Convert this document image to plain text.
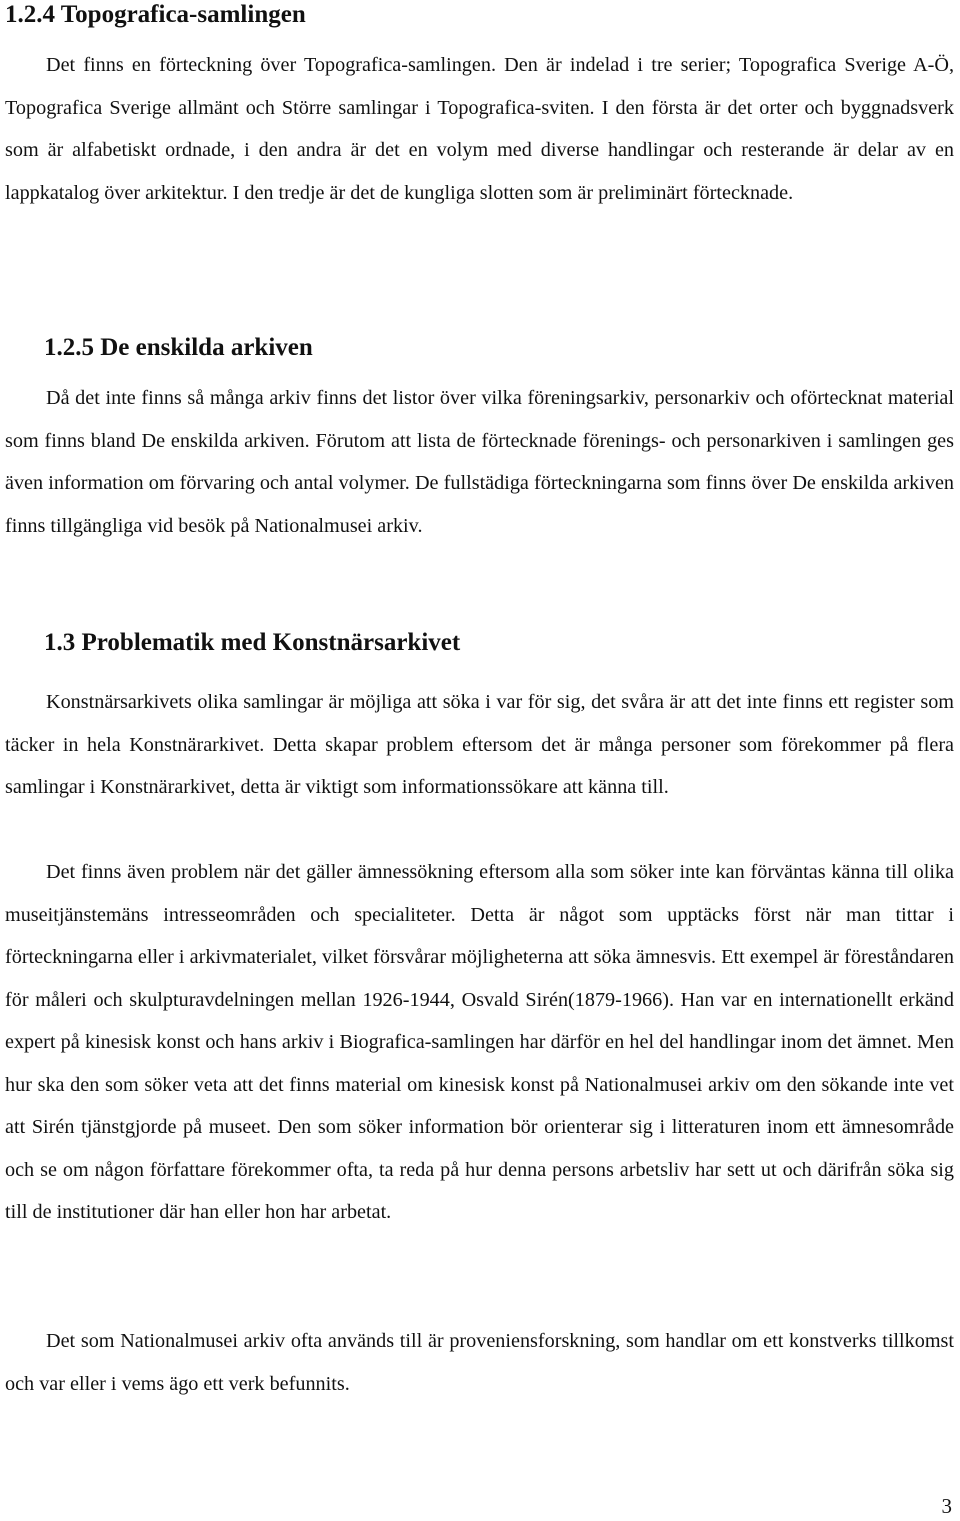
1.2.4 Topografica-samlingen

Det finns en förteckning över Topografica-samlingen. Den är indelad i tre serier; Topografica Sverige A-Ö, Topografica Sverige allmänt och Större samlingar i Topografica-sviten. I den första är det orter och byggnadsverk som är alfabetiskt ordnade, i den andra är det en volym med diverse handlingar och resterande är delar av en lappkatalog över arkitektur. I den tredje är det de kungliga slotten som är preliminärt förtecknade.

1.2.5 De enskilda arkiven

Då det inte finns så många arkiv finns det listor över vilka föreningsarkiv, personarkiv och oförtecknat material som finns bland De enskilda arkiven. Förutom att lista de förtecknade förenings- och personarkiven i samlingen ges även information om förvaring och antal volymer. De fullstädiga förteckningarna som finns över De enskilda arkiven finns tillgängliga vid besök på Nationalmusei arkiv.

1.3 Problematik med Konstnärsarkivet

Konstnärsarkivets olika samlingar är möjliga att söka i var för sig, det svåra är att det inte finns ett register som täcker in hela Konstnärarkivet. Detta skapar problem eftersom det är många personer som förekommer på flera samlingar i Konstnärarkivet, detta är viktigt som informationssökare att känna till.

Det finns även problem när det gäller ämnessökning eftersom alla som söker inte kan förväntas känna till olika museitjänstemäns intresseområden och specialiteter. Detta är något som upptäcks först när man tittar i förteckningarna eller i arkivmaterialet, vilket försvårar möjligheterna att söka ämnesvis. Ett exempel är föreståndaren för måleri och skulpturavdelningen mellan 1926-1944, Osvald Sirén(1879-1966). Han var en internationellt erkänd expert på kinesisk konst och hans arkiv i Biografica-samlingen har därför en hel del handlingar inom det ämnet. Men hur ska den som söker veta att det finns material om kinesisk konst på Nationalmusei arkiv om den sökande inte vet att Sirén tjänstgjorde på museet. Den som söker information bör orienterar sig i litteraturen inom ett ämnesområde och se om någon författare förekommer ofta, ta reda på hur denna persons arbetsliv har sett ut och därifrån söka sig till de institutioner där han eller hon har arbetat.

Det som Nationalmusei arkiv ofta används till är proveniensforskning, som handlar om ett konstverks tillkomst och var eller i vems ägo ett verk befunnits.

3
